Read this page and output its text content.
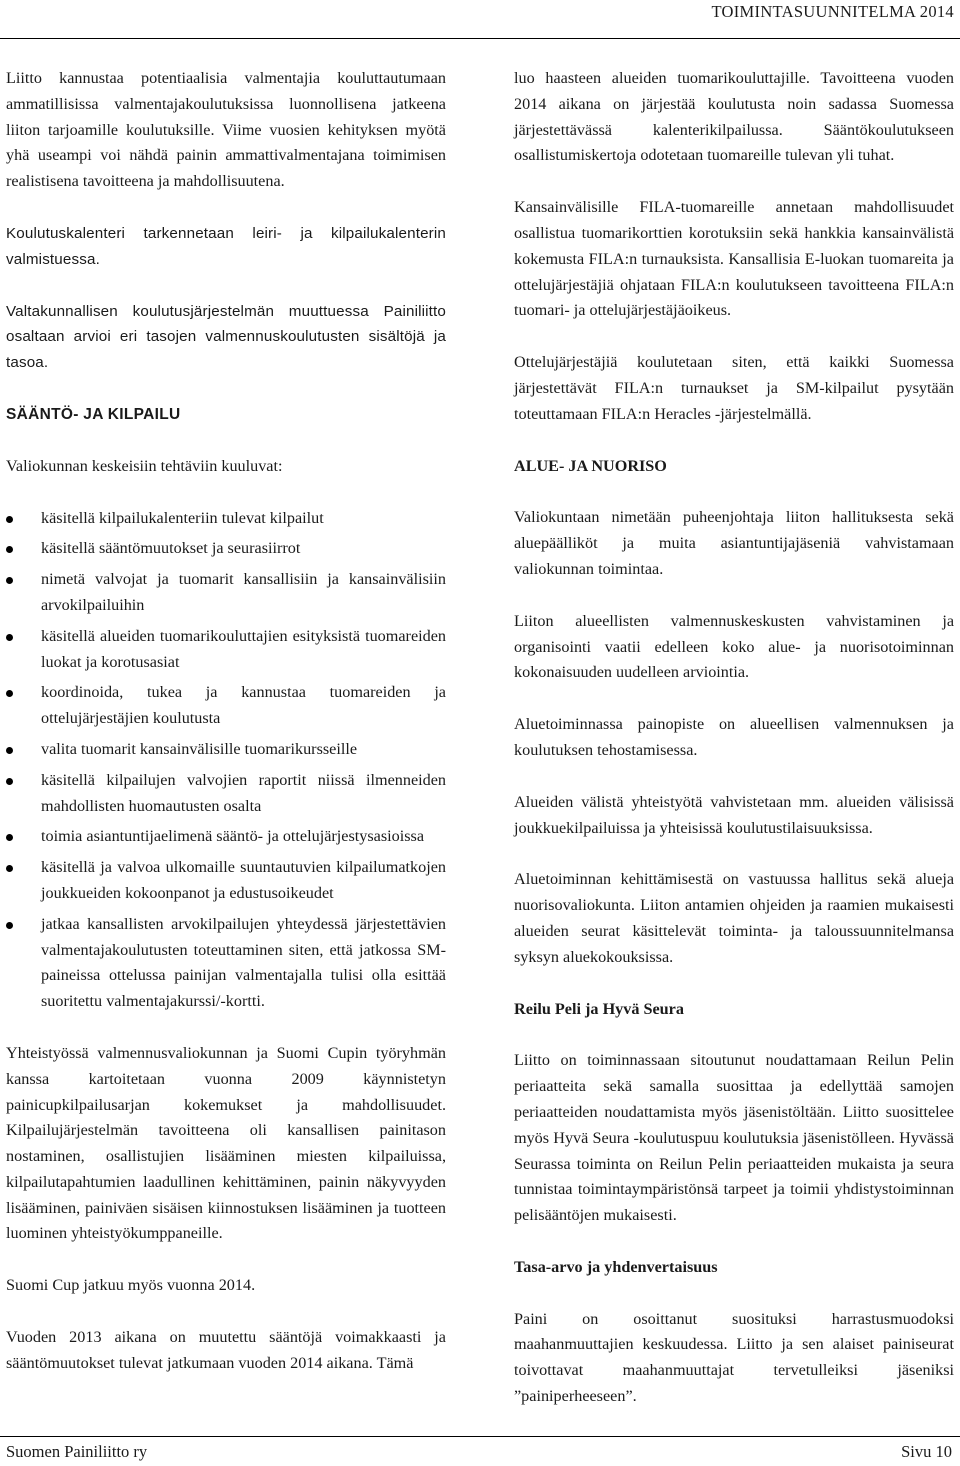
TOIMINTASUUNNITELMA 2014

Liitto kannustaa potentiaalisia valmentajia kouluttautumaan ammatillisissa valmentajakoulutuksissa luonnollisena jatkeena liiton tarjoamille koulutuksille. Viime vuosien kehityksen myötä yhä useampi voi nähdä painin ammattivalmentajana toimimisen realistisena tavoitteena ja mahdollisuutena.

Koulutuskalenteri tarkennetaan leiri- ja kilpailukalenterin valmistuessa.

Valtakunnallisen koulutusjärjestelmän muuttuessa Painiliitto osaltaan arvioi eri tasojen valmennuskoulutusten sisältöjä ja tasoa.

SÄÄNTÖ- JA KILPAILU

Valiokunnan keskeisiin tehtäviin kuuluvat:

käsitellä kilpailukalenteriin tulevat kilpailut
käsitellä sääntömuutokset ja seurasiirrot
nimetä valvojat ja tuomarit kansallisiin ja kansainvälisiin arvokilpailuihin
käsitellä alueiden tuomarikouluttajien esityksistä tuomareiden luokat ja korotusasiat
koordinoida, tukea ja kannustaa tuomareiden ja ottelujärjestäjien koulutusta
valita tuomarit kansainvälisille tuomarikursseille
käsitellä kilpailujen valvojien raportit niissä ilmenneiden mahdollisten huomautusten osalta
toimia asiantuntijaelimenä sääntö- ja ottelujärjestysasioissa
käsitellä ja valvoa ulkomaille suuntautuvien kilpailumatkojen joukkueiden kokoonpanot ja edustusoikeudet
jatkaa kansallisten arvokilpailujen yhteydessä järjestettävien valmentajakoulutusten toteuttaminen siten, että jatkossa SM-paineissa ottelussa painijan valmentajalla tulisi olla esittää suoritettu valmentajakurssi/-kortti.

Yhteistyössä valmennusvaliokunnan ja Suomi Cupin työryhmän kanssa kartoitetaan vuonna 2009 käynnistetyn painicupkilpailusarjan kokemukset ja mahdollisuudet. Kilpailujärjestelmän tavoitteena oli kansallisen painitason nostaminen, osallistujien lisääminen miesten kilpailuissa, kilpailutapahtumien laadullinen kehittäminen, painin näkyvyyden lisääminen, painiväen sisäisen kiinnostuksen lisääminen ja tuotteen luominen yhteistyökumppaneille.

Suomi Cup jatkuu myös vuonna 2014.

Vuoden 2013 aikana on muutettu sääntöjä voimakkaasti ja sääntömuutokset tulevat jatkumaan vuoden 2014 aikana. Tämä

luo haasteen alueiden tuomarikouluttajille. Tavoitteena vuoden 2014 aikana on järjestää koulutusta noin sadassa Suomessa järjestettävässä kalenterikilpailussa. Sääntökoulutukseen osallistumiskertoja odotetaan tuomareille tulevan yli tuhat.

Kansainvälisille FILA-tuomareille annetaan mahdollisuudet osallistua tuomarikorttien korotuksiin sekä hankkia kansainvälistä kokemusta FILA:n turnauksista. Kansallisia E-luokan tuomareita ja ottelujärjestäjiä ohjataan FILA:n koulutukseen tavoitteena FILA:n tuomari- ja ottelujärjestäjäoikeus.

Ottelujärjestäjiä koulutetaan siten, että kaikki Suomessa järjestettävät FILA:n turnaukset ja SM-kilpailut pysytään toteuttamaan FILA:n Heracles -järjestelmällä.

ALUE- JA NUORISO

Valiokuntaan nimetään puheenjohtaja liiton hallituksesta sekä aluepäälliköt ja muita asiantuntijajäseniä vahvistamaan valiokunnan toimintaa.

Liiton alueellisten valmennuskeskusten vahvistaminen ja organisointi vaatii edelleen koko alue- ja nuorisotoiminnan kokonaisuuden uudelleen arviointia.

Aluetoiminnassa painopiste on alueellisen valmennuksen ja koulutuksen tehostamisessa.

Alueiden välistä yhteistyötä vahvistetaan mm. alueiden välisissä joukkuekilpailuissa ja yhteisissä koulutustilaisuuksissa.

Aluetoiminnan kehittämisestä on vastuussa hallitus sekä alueja nuorisovaliokunta. Liiton antamien ohjeiden ja raamien mukaisesti alueiden seurat käsittelevät toiminta- ja taloussuunnitelmansa syksyn aluekokouksissa.

Reilu Peli ja Hyvä Seura

Liitto on toiminnassaan sitoutunut noudattamaan Reilun Pelin periaatteita sekä samalla suosittaa ja edellyttää samojen periaatteiden noudattamista myös jäsenistöltään. Liitto suosittelee myös Hyvä Seura -koulutuspuu koulutuksia jäsenistölleen. Hyvässä Seurassa toiminta on Reilun Pelin periaatteiden mukaista ja seura tunnistaa toimintaympäristönsä tarpeet ja toimii yhdistystoiminnan pelisääntöjen mukaisesti.

Tasa-arvo ja yhdenvertaisuus

Paini on osoittanut suosituksi harrastusmuodoksi maahanmuuttajien keskuudessa. Liitto ja sen alaiset painiseurat toivottavat maahanmuuttajat tervetulleiksi jäseniksi ”painiperheeseen”.

Suomen Painiliitto ry	Sivu 10
